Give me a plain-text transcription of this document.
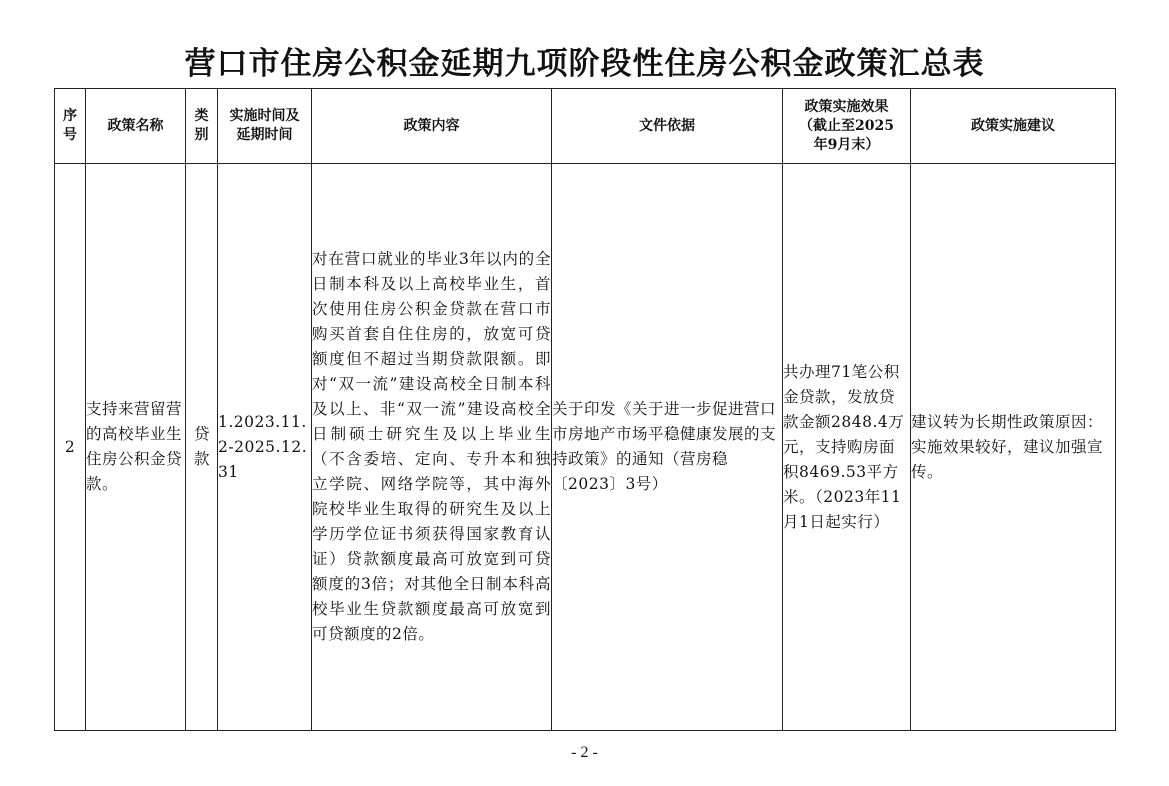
营口市住房公积金延期九项阶段性住房公积金政策汇总表
序号	政策名称	类别	实施时间及延期时间	政策内容	文件依据	政策实施效果（截止至2025年9月末）	政策实施建议
2	支持来营留营的高校毕业生住房公积金贷款。	贷款	1.2023.11.2-2025.12.31	对在营口就业的毕业3年以内的全日制本科及以上高校毕业生，首次使用住房公积金贷款在营口市购买首套自住住房的，放宽可贷额度但不超过当期贷款限额。即对“双一流”建设高校全日制本科及以上、非“双一流”建设高校全日制硕士研究生及以上毕业生（不含委培、定向、专升本和独立学院、网络学院等，其中海外院校毕业生取得的研究生及以上学历学位证书须获得国家教育认证）贷款额度最高可放宽到可贷额度的3倍；对其他全日制本科高校毕业生贷款额度最高可放宽到可贷额度的2倍。	关于印发《关于进一步促进营口市房地产市场平稳健康发展的支持政策》的通知（营房稳〔2023〕3号）	共办理71笔公积金贷款，发放贷款金额2848.4万元，支持购房面积8469.53平方米。（2023年11月1日起实行）	建议转为长期性政策原因：实施效果较好，建议加强宣传。
- 2 -
